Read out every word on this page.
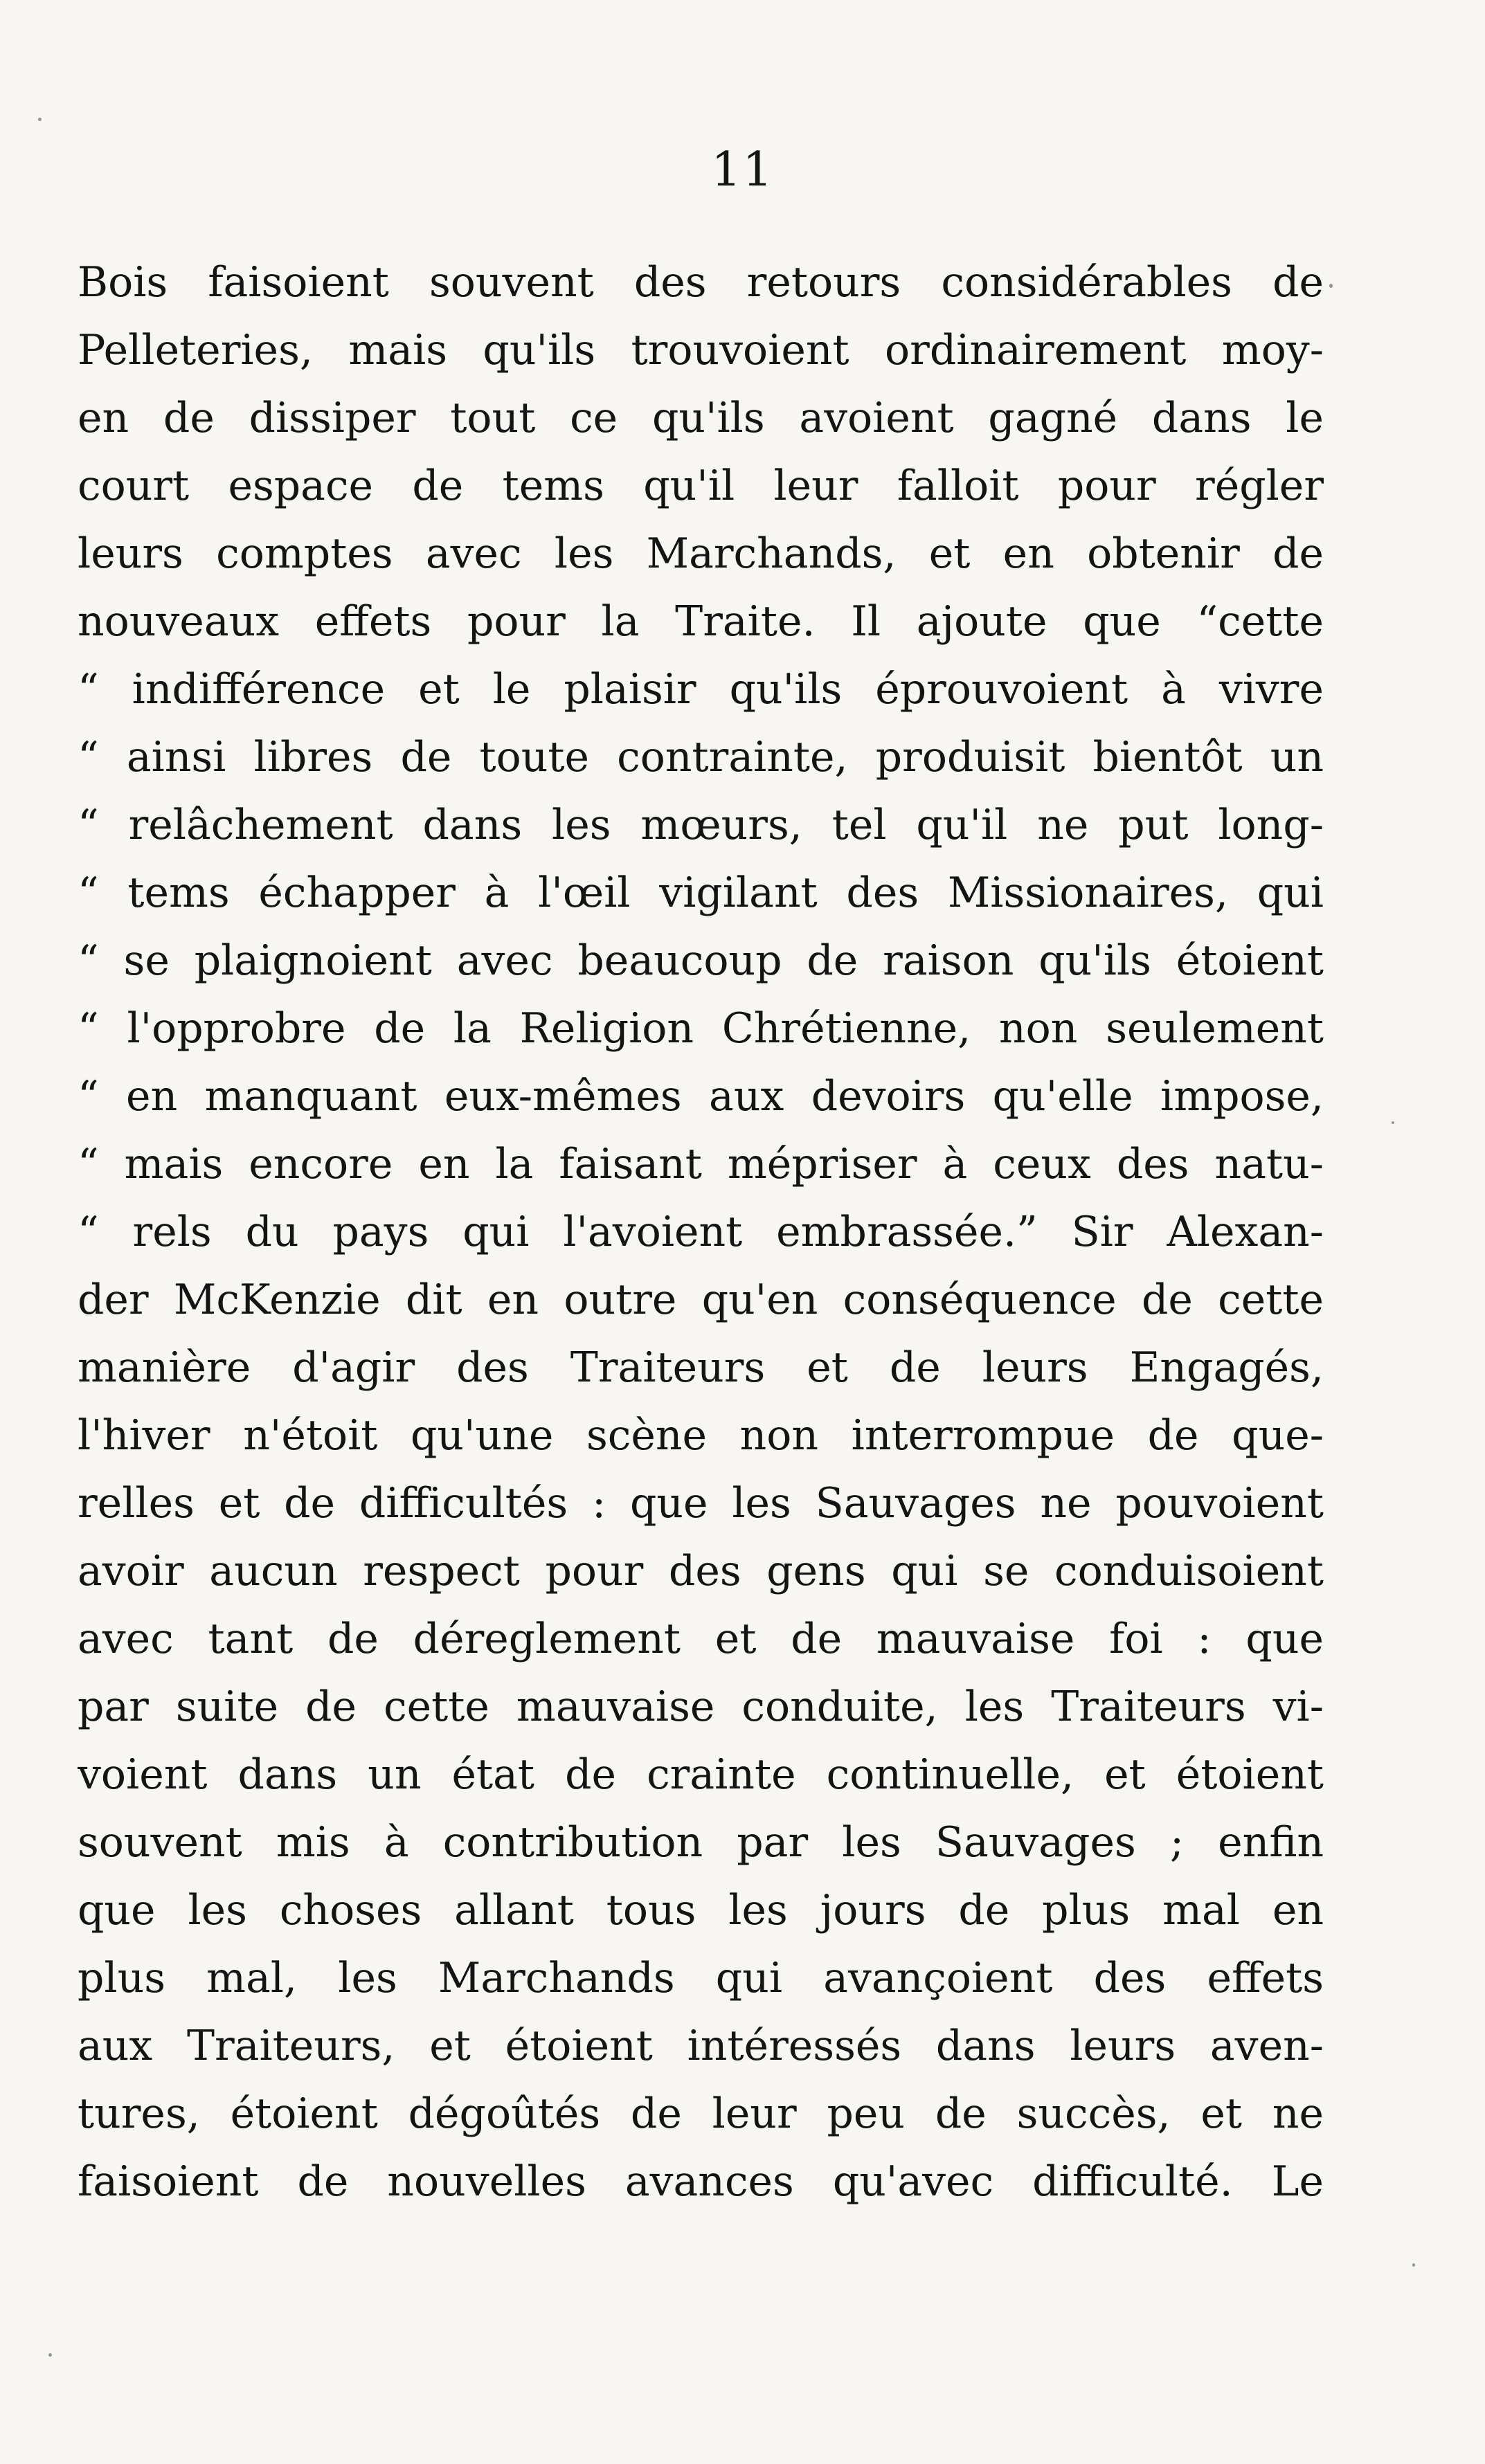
11
Bois faisoient souvent des retours considérables de
Pelleteries, mais qu'ils trouvoient ordinairement moy-
en de dissiper tout ce qu'ils avoient gagné dans le
court espace de tems qu'il leur falloit pour régler
leurs comptes avec les Marchands, et en obtenir de
nouveaux effets pour la Traite. Il ajoute que “cette
“ indifférence et le plaisir qu'ils éprouvoient à vivre
“ ainsi libres de toute contrainte, produisit bientôt un
“ relâchement dans les mœurs, tel qu'il ne put long-
“ tems échapper à l'œil vigilant des Missionaires, qui
“ se plaignoient avec beaucoup de raison qu'ils étoient
“ l'opprobre de la Religion Chrétienne, non seulement
“ en manquant eux-mêmes aux devoirs qu'elle impose,
“ mais encore en la faisant mépriser à ceux des natu-
“ rels du pays qui l'avoient embrassée.” Sir Alexan-
der McKenzie dit en outre qu'en conséquence de cette
manière d'agir des Traiteurs et de leurs Engagés,
l'hiver n'étoit qu'une scène non interrompue de que-
relles et de difficultés : que les Sauvages ne pouvoient
avoir aucun respect pour des gens qui se conduisoient
avec tant de déreglement et de mauvaise foi : que
par suite de cette mauvaise conduite, les Traiteurs vi-
voient dans un état de crainte continuelle, et étoient
souvent mis à contribution par les Sauvages ; enfin
que les choses allant tous les jours de plus mal en
plus mal, les Marchands qui avançoient des effets
aux Traiteurs, et étoient intéressés dans leurs aven-
tures, étoient dégoûtés de leur peu de succès, et ne
faisoient de nouvelles avances qu'avec difficulté. Le
